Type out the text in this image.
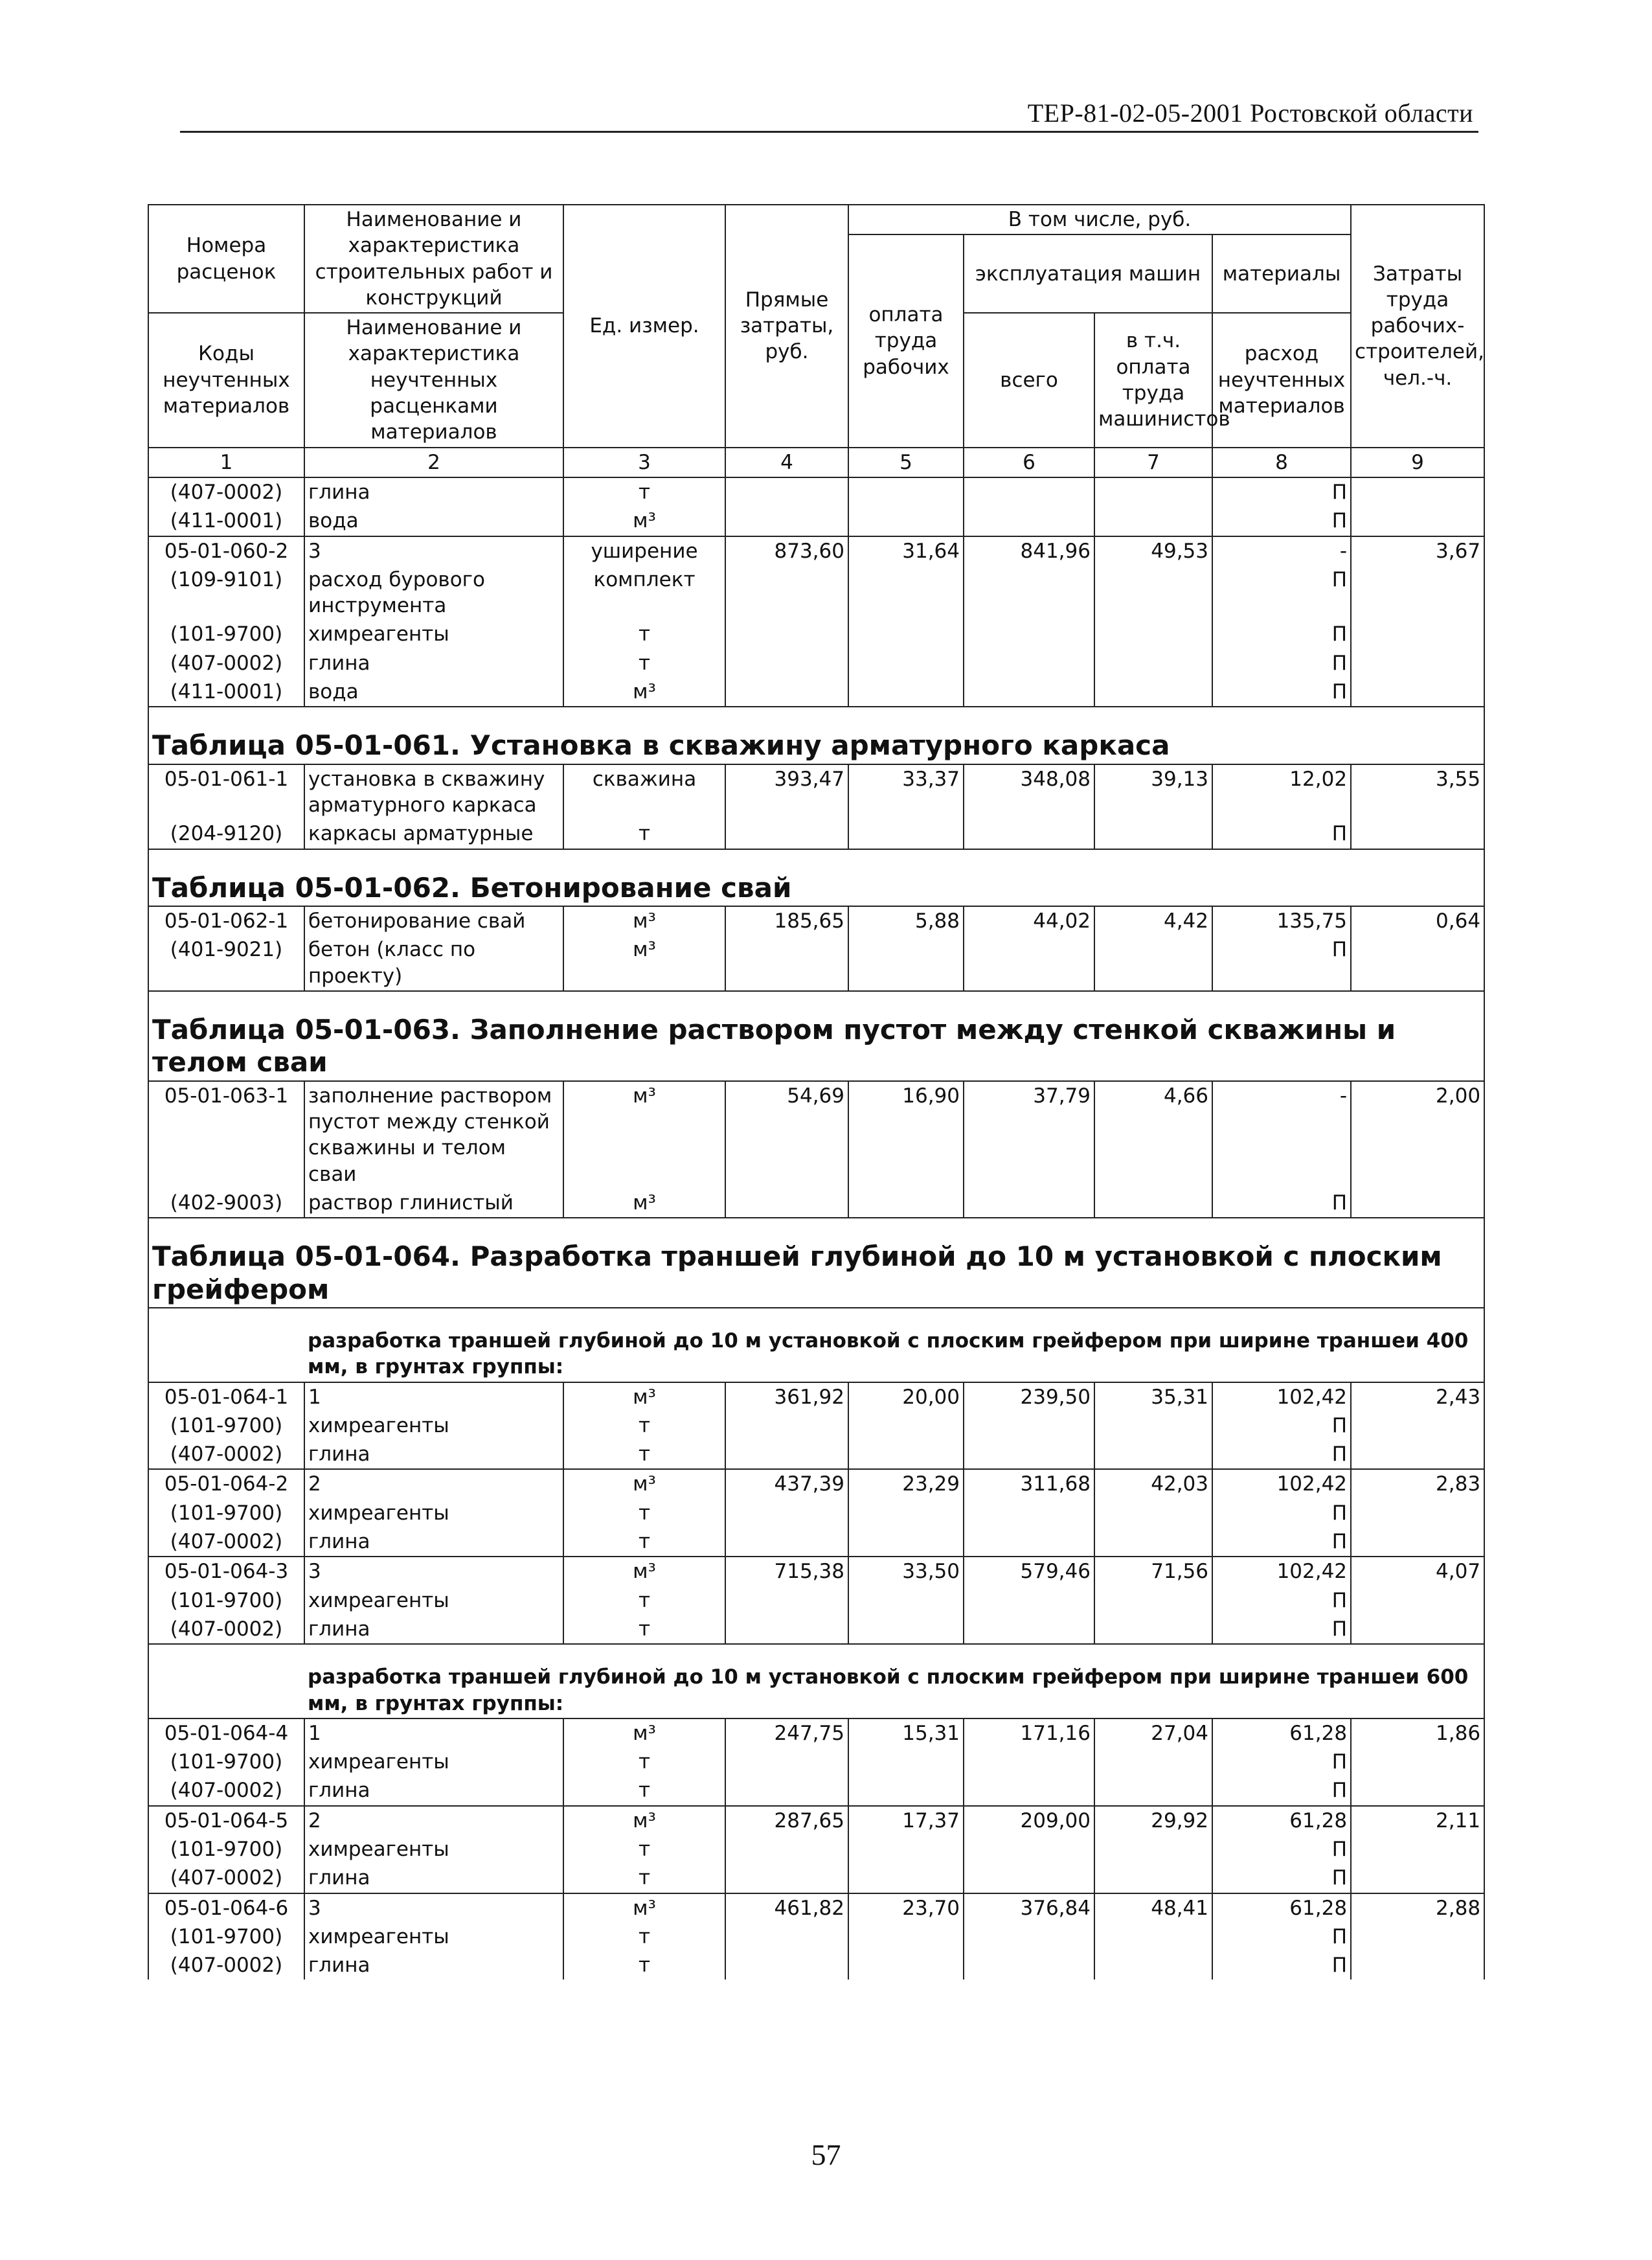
ТЕР-81-02-05-2001 Ростовской области
Номера расценок	Наименование и характеристика строительных работ и конструкций	Ед. измер.	Прямые затраты, руб.	В том числе, руб.				Затраты труда рабочих-строителей, чел.-ч.
				оплата труда рабочих	эксплуатация машин		материалы	
Коды неучтенных материалов	Наименование и характеристика неучтенных расценками материалов				всего	в т.ч. оплата труда машинистов	расход неучтенных материалов	

1	2	3	4	5	6	7	8	9
(407-0002)	глина	т					П	
(411-0001)	вода	м³					П	
05-01-060-2	3	уширение	873,60	31,64	841,96	49,53	-	3,67
(109-9101)	расход бурового инструмента	комплект					П	
(101-9700)	химреагенты	т					П	
(407-0002)	глина	т					П	
(411-0001)	вода	м³					П	
Таблица 05-01-061. Установка в скважину арматурного каркаса								
05-01-061-1	установка в скважину арматурного каркаса	скважина	393,47	33,37	348,08	39,13	12,02	3,55
(204-9120)	каркасы арматурные	т					П	
Таблица 05-01-062. Бетонирование свай								
05-01-062-1	бетонирование свай	м³	185,65	5,88	44,02	4,42	135,75	0,64
(401-9021)	бетон (класс по проекту)	м³					П	
Таблица 05-01-063. Заполнение раствором пустот между стенкой скважины и телом сваи								
05-01-063-1	заполнение раствором пустот между стенкой скважины и телом сваи	м³	54,69	16,90	37,79	4,66	-	2,00
(402-9003)	раствор глинистый	м³					П	
Таблица 05-01-064. Разработка траншей глубиной до 10 м установкой с плоским грейфером								
разработка траншей глубиной до 10 м установкой с плоским грейфером при ширине траншеи 400 мм, в грунтах группы:								
05-01-064-1	1	м³	361,92	20,00	239,50	35,31	102,42	2,43
(101-9700)	химреагенты	т					П	
(407-0002)	глина	т					П	
05-01-064-2	2	м³	437,39	23,29	311,68	42,03	102,42	2,83
(101-9700)	химреагенты	т					П	
(407-0002)	глина	т					П	
05-01-064-3	3	м³	715,38	33,50	579,46	71,56	102,42	4,07
(101-9700)	химреагенты	т					П	
(407-0002)	глина	т					П	
разработка траншей глубиной до 10 м установкой с плоским грейфером при ширине траншеи 600 мм, в грунтах группы:								
05-01-064-4	1	м³	247,75	15,31	171,16	27,04	61,28	1,86
(101-9700)	химреагенты	т					П	
(407-0002)	глина	т					П	
05-01-064-5	2	м³	287,65	17,37	209,00	29,92	61,28	2,11
(101-9700)	химреагенты	т					П	
(407-0002)	глина	т					П	
05-01-064-6	3	м³	461,82	23,70	376,84	48,41	61,28	2,88
(101-9700)	химреагенты	т					П	
(407-0002)	глина	т					П	
57
